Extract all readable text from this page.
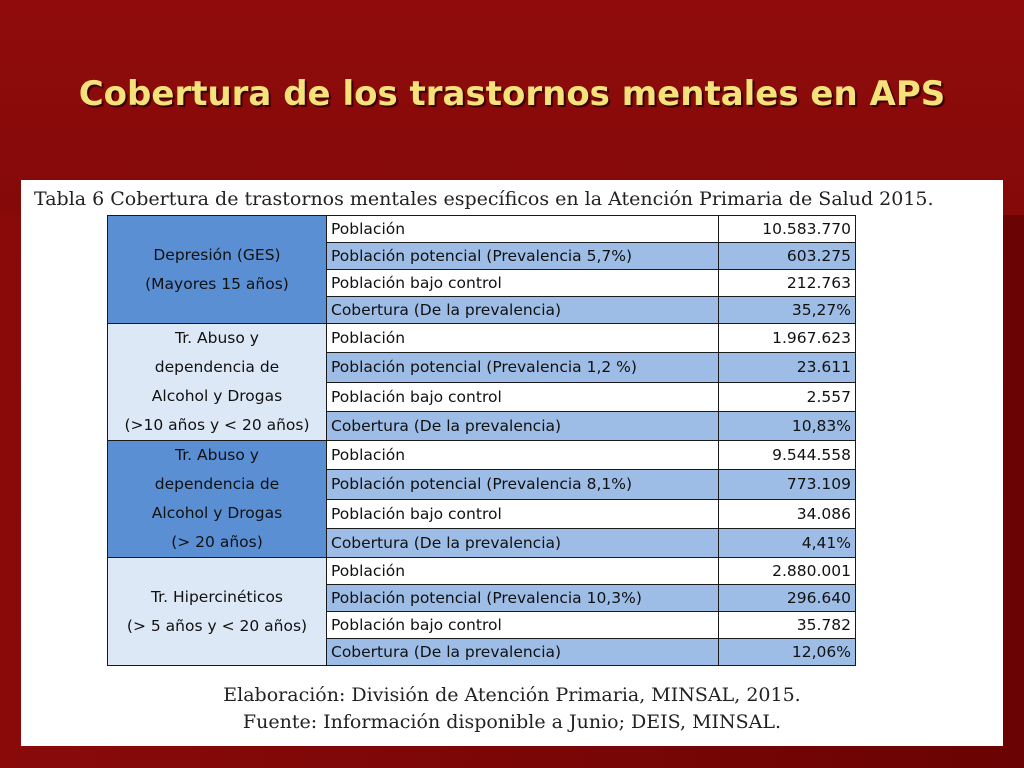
Cobertura de los trastornos mentales en APS
Tabla 6 Cobertura de trastornos mentales específicos en la Atención Primaria de Salud 2015.
Depresión (GES)
(Mayores 15 años)	Población	10.583.770
	Población potencial (Prevalencia 5,7%)	603.275
	Población bajo control	212.763
	Cobertura (De la prevalencia)	35,27%

Tr. Abuso y
dependencia de
Alcohol y Drogas
(>10 años y < 20 años)	Población	1.967.623
	Población potencial (Prevalencia 1,2 %)	23.611
	Población bajo control	2.557
	Cobertura (De la prevalencia)	10,83%

Tr. Abuso y
dependencia de
Alcohol y Drogas
(> 20 años)	Población	9.544.558
	Población potencial (Prevalencia 8,1%)	773.109
	Población bajo control	34.086
	Cobertura (De la prevalencia)	4,41%

Tr. Hipercinéticos
(> 5 años y < 20 años)	Población	2.880.001
	Población potencial (Prevalencia 10,3%)	296.640
	Población bajo control	35.782
	Cobertura (De la prevalencia)	12,06%
Elaboración: División de Atención Primaria, MINSAL, 2015.
Fuente: Información disponible a Junio; DEIS, MINSAL.
